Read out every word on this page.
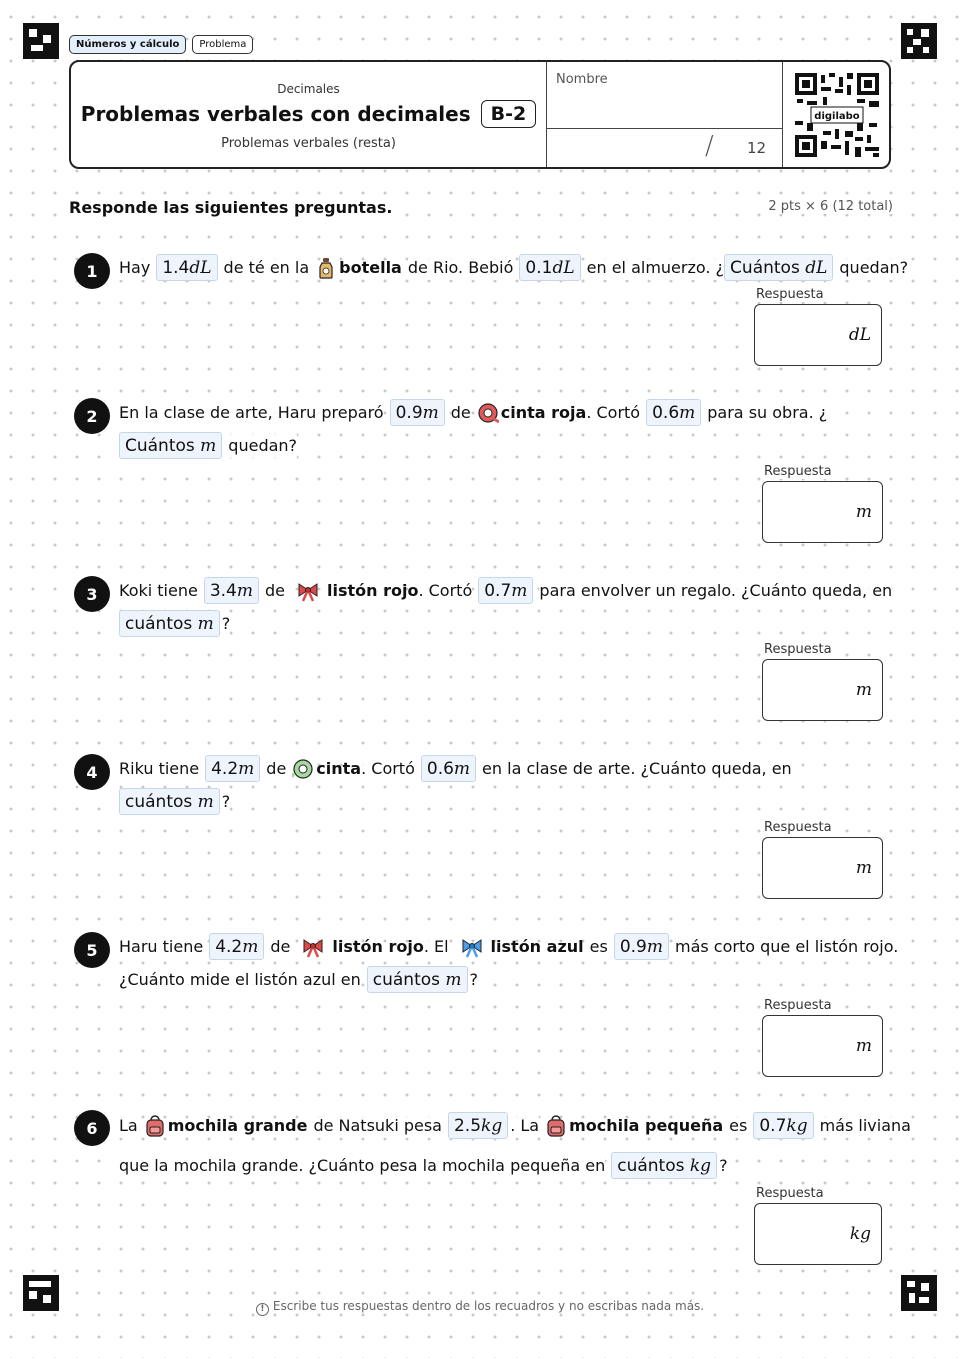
Números y cálculo	Problema
Decimales
Problemas verbales con decimales	B-2
Problemas verbales (resta)
Nombre
/ 12
digilabo
Responde las siguientes preguntas.	2 pts × 6 (12 total)
1	Hay 1.4dL de té en la botella de Rio. Bebió 0.1dL en el almuerzo. ¿ Cuántos dL quedan?
Respuesta
dL
2	En la clase de arte, Haru preparó 0.9m de cinta roja . Cortó 0.6m para su obra. ¿
Cuántos m quedan?
Respuesta
m
3	Koki tiene 3.4m de	listón rojo . Cortó 0.7m para envolver un regalo. ¿Cuánto queda, en
cuántos m ?
Respuesta
m
4	Riku tiene 4.2m de cinta . Cortó 0.6m en la clase de arte. ¿Cuánto queda, en
cuántos m ?
Respuesta
m
5	Haru tiene 4.2m de	listón rojo . El	listón azul es 0.9m más corto que el listón rojo.
¿Cuánto mide el listón azul en cuántos m ?
Respuesta
m
6	La mochila grande de Natsuki pesa 2.5kg . La mochila pequeña es 0.7kg más liviana
que la mochila grande. ¿Cuánto pesa la mochila pequeña en cuántos kg ?
Respuesta
kg
! Escribe tus respuestas dentro de los recuadros y no escribas nada más.
